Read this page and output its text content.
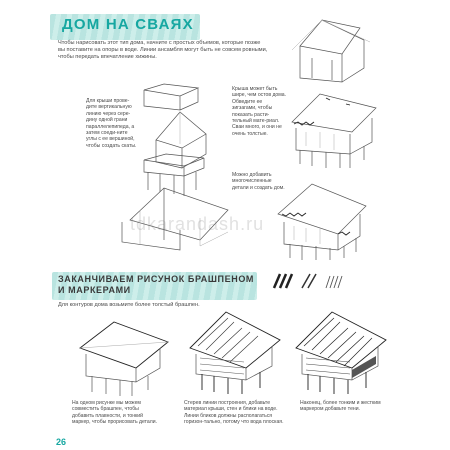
ДОМ НА СВАЯХ
Чтобы нарисовать этот тип дома, начните с простых объемов, которые позже вы поставите на опоры в воде. Линии ансамбля могут быть не совсем ровными, чтобы передать впечатление хижины.
Для крыши прове-дите вертикальную линию через сере-дину одной грани параллелепипеда, а затем соеди-ните углы с ее вершиной, чтобы создать скаты.
Крыша может быть шире, чем остов дома. Обведите ее зигзагами, чтобы показать расти-тельный мате-риал. Сваи много, и они не очень толстые.
Можно добавить многочисленные детали и создать дом.
tdkarandash.ru
ЗАКАНЧИВАЕМ РИСУНОК БРАШПЕНОМ И МАРКЕРАМИ
Для контуров дома возьмите более толстый брашпен.
На одном рисунке мы можем совместить брашпен, чтобы добавить плавности, и тонкий маркер, чтобы прорисовать детали.
Стерев линии построения, добавьте материал крыши, стен и блики на воде. Линии бликов должны располагаться горизон-тально, потому что вода плоская.
Наконец, более тонким и жестким маркером добавьте тени.
26
